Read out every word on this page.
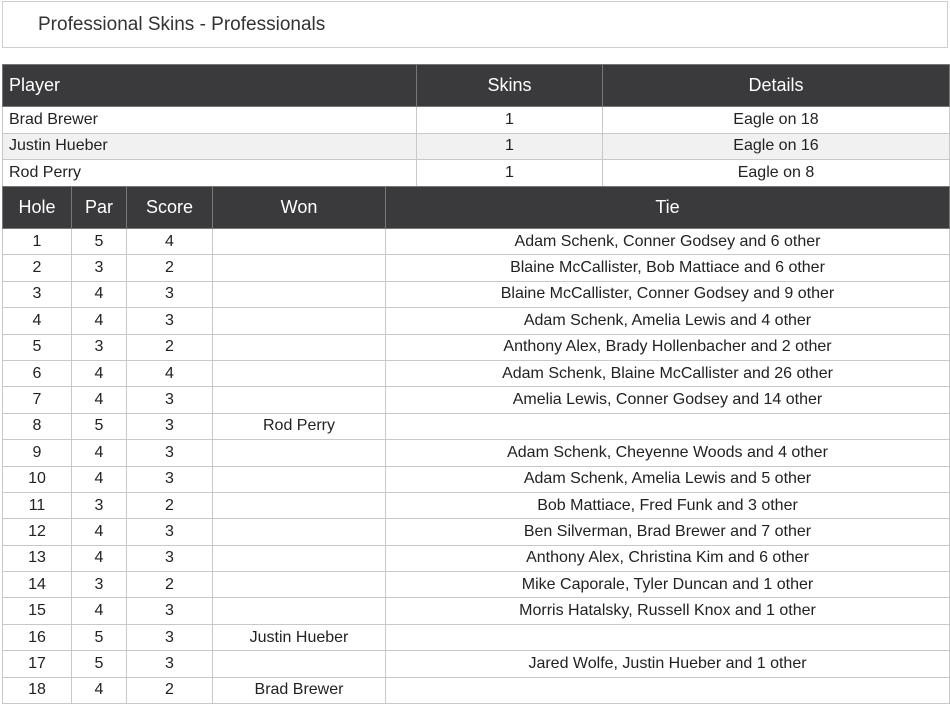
Professional Skins - Professionals
Player	Skins	Details
Brad Brewer	1	Eagle on 18
Justin Hueber	1	Eagle on 16
Rod Perry	1	Eagle on 8
Hole	Par	Score	Won	Tie
1	5	4		Adam Schenk, Conner Godsey and 6 other
2	3	2		Blaine McCallister, Bob Mattiace and 6 other
3	4	3		Blaine McCallister, Conner Godsey and 9 other
4	4	3		Adam Schenk, Amelia Lewis and 4 other
5	3	2		Anthony Alex, Brady Hollenbacher and 2 other
6	4	4		Adam Schenk, Blaine McCallister and 26 other
7	4	3		Amelia Lewis, Conner Godsey and 14 other
8	5	3	Rod Perry	
9	4	3		Adam Schenk, Cheyenne Woods and 4 other
10	4	3		Adam Schenk, Amelia Lewis and 5 other
11	3	2		Bob Mattiace, Fred Funk and 3 other
12	4	3		Ben Silverman, Brad Brewer and 7 other
13	4	3		Anthony Alex, Christina Kim and 6 other
14	3	2		Mike Caporale, Tyler Duncan and 1 other
15	4	3		Morris Hatalsky, Russell Knox and 1 other
16	5	3	Justin Hueber	
17	5	3		Jared Wolfe, Justin Hueber and 1 other
18	4	2	Brad Brewer	
